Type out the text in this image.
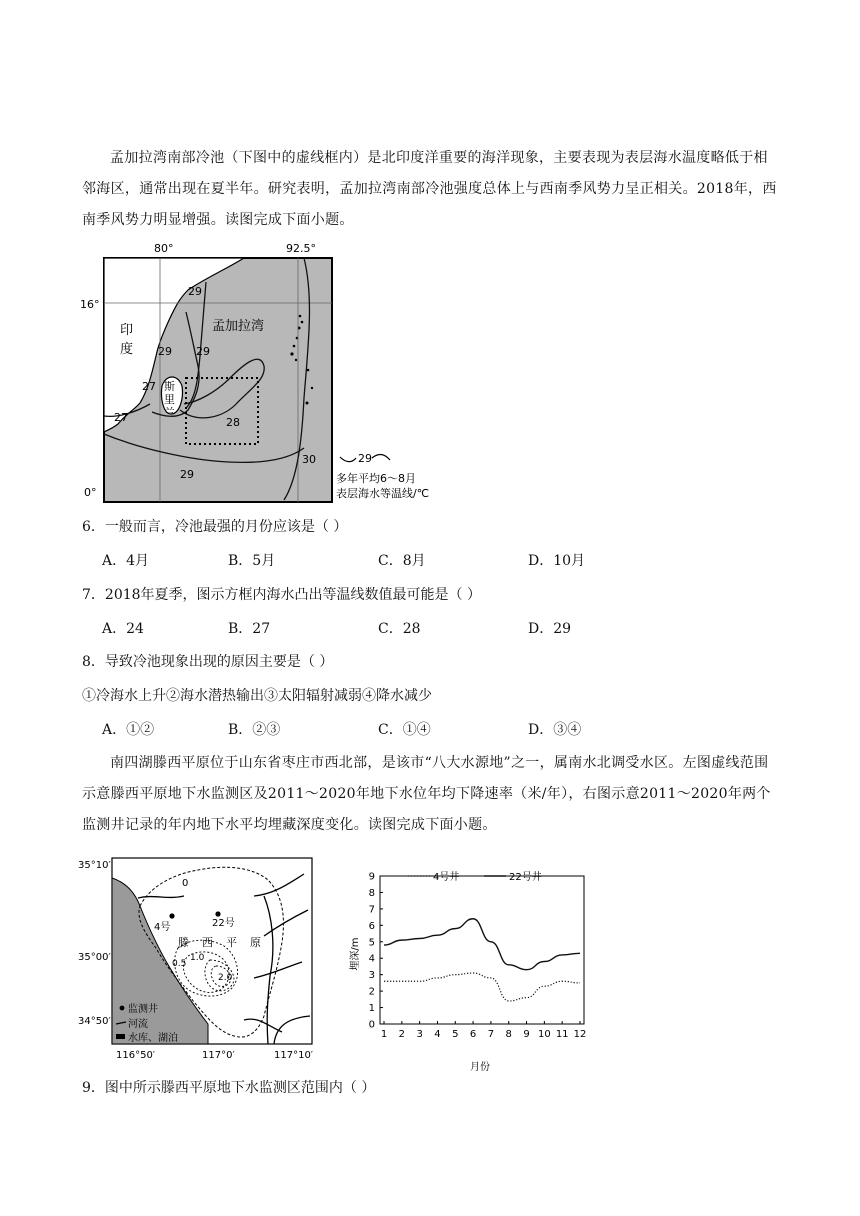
孟加拉湾南部冷池（下图中的虚线框内）是北印度洋重要的海洋现象，主要表现为表层海水温度略低于相邻海区，通常出现在夏半年。研究表明，孟加拉湾南部冷池强度总体上与西南季风势力呈正相关。2018年，西南季风势力明显增强。读图完成下面小题。

80°	92.5°
16°
0°
印
度
孟加拉湾
斯
里
兰
29
29 29
27
27	28
29
30	29
多年平均6～8月
表层海水等温线/℃

6．一般而言，冷池最强的月份应该是（ ）

A．4月	B．5月	C．8月	D．10月

7．2018年夏季，图示方框内海水凸出等温线数值最可能是（ ）

A．24	B．27	C．28	D．29

8．导致冷池现象出现的原因主要是（ ）

①冷海水上升②海水潜热输出③太阳辐射减弱④降水减少

A．①②	B．②③	C．①④	D．③④

南四湖滕西平原位于山东省枣庄市西北部，是该市“八大水源地”之一，属南水北调受水区。左图虚线范围示意滕西平原地下水监测区及2011～2020年地下水位年均下降速率（米/年），右图示意2011～2020年两个监测井记录的年内地下水平均埋藏深度变化。读图完成下面小题。

35°10′
35°00′
34°50′
116°50′	117°0′	117°10′
0
4号	22号
滕 西 平 原
0.5
1.0
2.0
监测井
河流
水库、湖泊
0
1
2
3
4
5
6
7
8
9
1 2 3 4 5 6 7 8 9 10 11 12
4号井	22号井
埋深/m
月份

9．图中所示滕西平原地下水监测区范围内（ ）
